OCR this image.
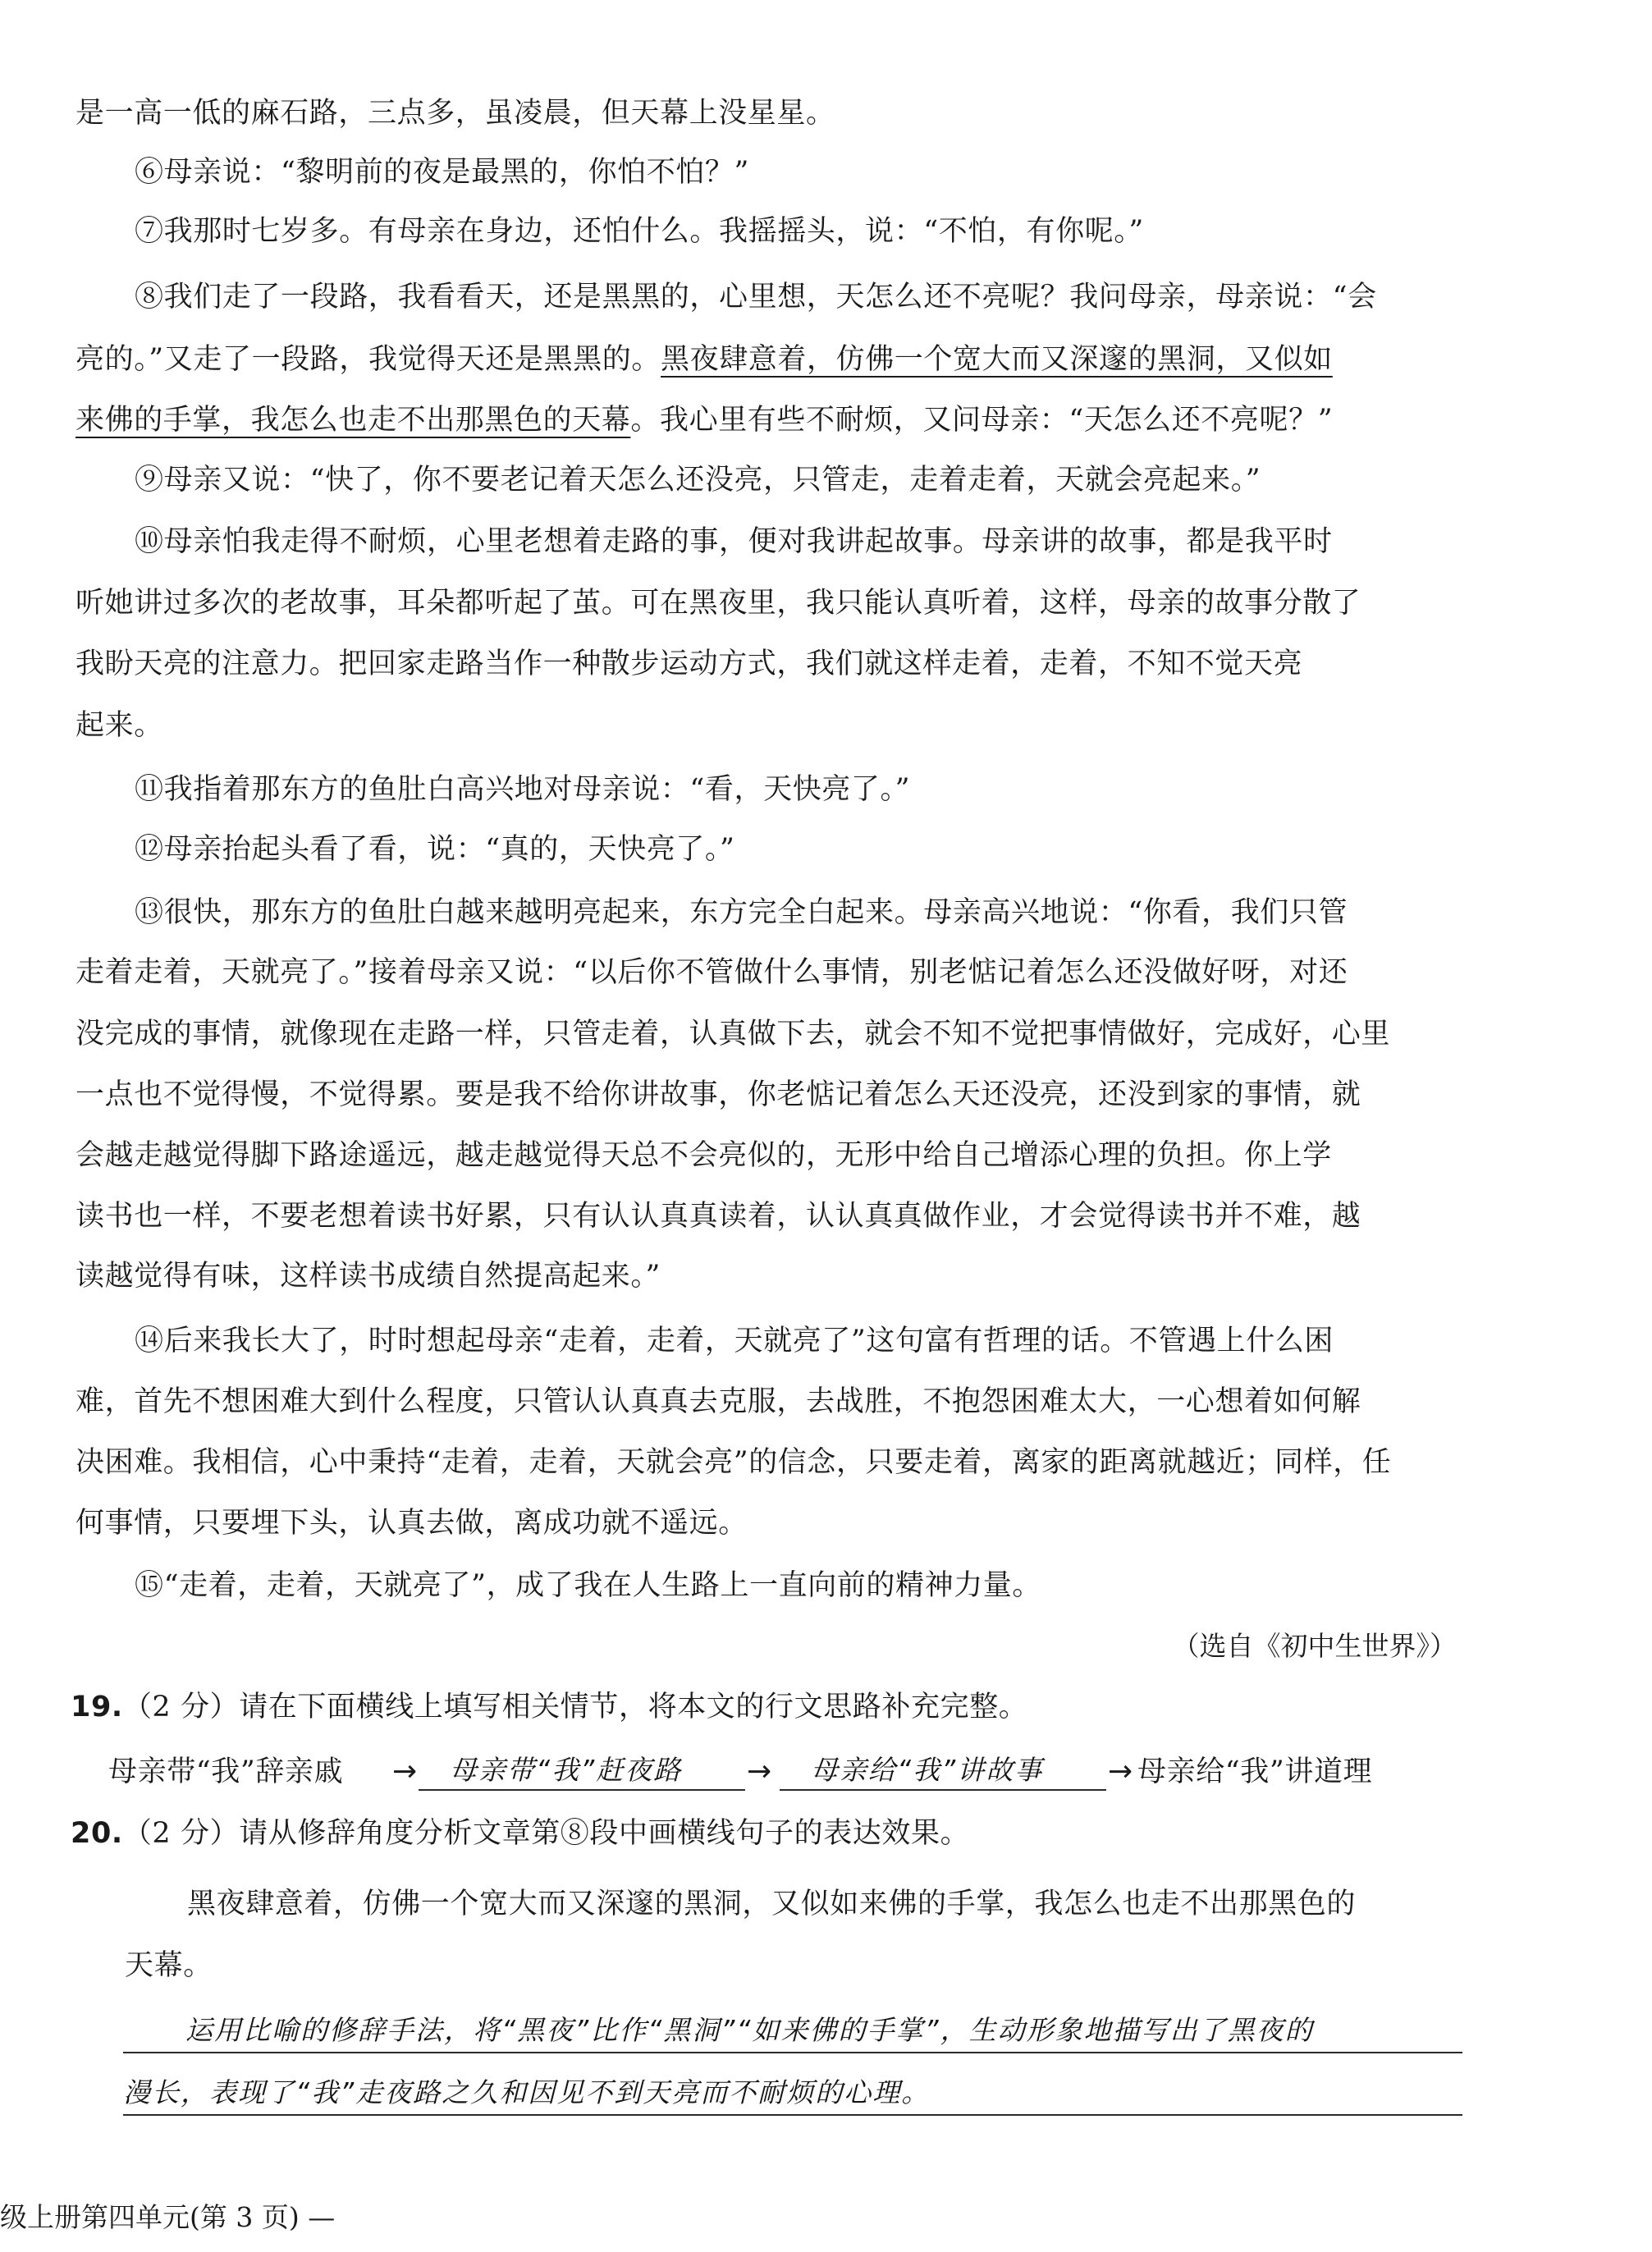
是一高一低的麻石路，三点多，虽凌晨，但天幕上没星星。
⑥母亲说：“黎明前的夜是最黑的，你怕不怕？”
⑦我那时七岁多。有母亲在身边，还怕什么。我摇摇头，说：“不怕，有你呢。”
⑧我们走了一段路，我看看天，还是黑黑的，心里想，天怎么还不亮呢？我问母亲，母亲说：“会
亮的。”又走了一段路，我觉得天还是黑黑的。黑夜肆意着，仿佛一个宽大而又深邃的黑洞，又似如
来佛的手掌，我怎么也走不出那黑色的天幕。我心里有些不耐烦，又问母亲：“天怎么还不亮呢？”
⑨母亲又说：“快了，你不要老记着天怎么还没亮，只管走，走着走着，天就会亮起来。”
⑩母亲怕我走得不耐烦，心里老想着走路的事，便对我讲起故事。母亲讲的故事，都是我平时
听她讲过多次的老故事，耳朵都听起了茧。可在黑夜里，我只能认真听着，这样，母亲的故事分散了
我盼天亮的注意力。把回家走路当作一种散步运动方式，我们就这样走着，走着，不知不觉天亮
起来。
⑪我指着那东方的鱼肚白高兴地对母亲说：“看，天快亮了。”
⑫母亲抬起头看了看，说：“真的，天快亮了。”
⑬很快，那东方的鱼肚白越来越明亮起来，东方完全白起来。母亲高兴地说：“你看，我们只管
走着走着，天就亮了。”接着母亲又说：“以后你不管做什么事情，别老惦记着怎么还没做好呀，对还
没完成的事情，就像现在走路一样，只管走着，认真做下去，就会不知不觉把事情做好，完成好，心里
一点也不觉得慢，不觉得累。要是我不给你讲故事，你老惦记着怎么天还没亮，还没到家的事情，就
会越走越觉得脚下路途遥远，越走越觉得天总不会亮似的，无形中给自己增添心理的负担。你上学
读书也一样，不要老想着读书好累，只有认认真真读着，认认真真做作业，才会觉得读书并不难，越
读越觉得有味，这样读书成绩自然提高起来。”
⑭后来我长大了，时时想起母亲“走着，走着，天就亮了”这句富有哲理的话。不管遇上什么困
难，首先不想困难大到什么程度，只管认认真真去克服，去战胜，不抱怨困难太大，一心想着如何解
决困难。我相信，心中秉持“走着，走着，天就会亮”的信念，只要走着，离家的距离就越近；同样，任
何事情，只要埋下头，认真去做，离成功就不遥远。
⑮“走着，走着，天就亮了”，成了我在人生路上一直向前的精神力量。
（选自《初中生世界》）
19.（2 分）请在下面横线上填写相关情节，将本文的行文思路补充完整。
母亲带“我”辞亲戚 → 母亲带“我”赶夜路 → 母亲给“我”讲故事 → 母亲给“我”讲道理
20.（2 分）请从修辞角度分析文章第⑧段中画横线句子的表达效果。
黑夜肆意着，仿佛一个宽大而又深邃的黑洞，又似如来佛的手掌，我怎么也走不出那黑色的
天幕。
运用比喻的修辞手法，将“黑夜”比作“黑洞”“如来佛的手掌”，生动形象地描写出了黑夜的
漫长，表现了“我”走夜路之久和因见不到天亮而不耐烦的心理。
级上册第四单元(第 3 页) —
